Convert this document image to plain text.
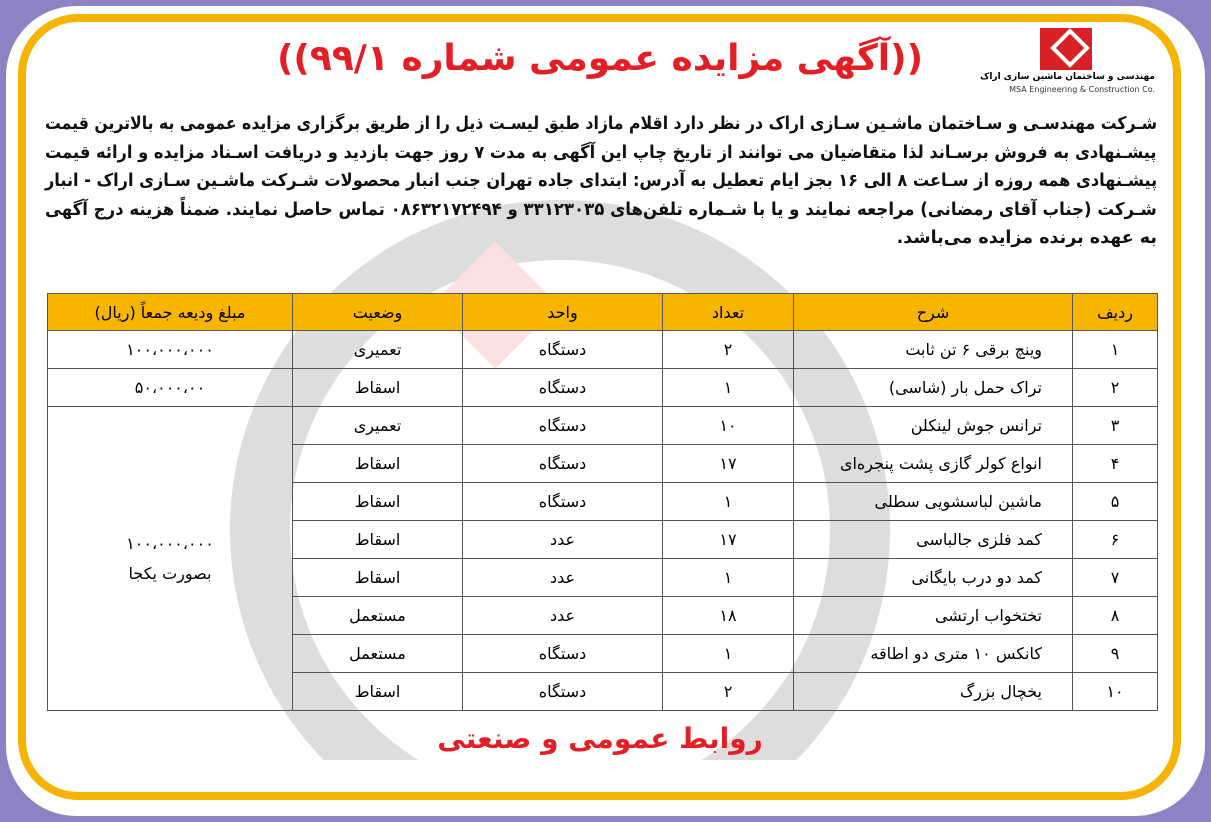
((آگهی مزایده عمومی شماره ۹۹/۱))	مهندسی و ساختمان ماشین سازی اراک
MSA Engineering & Construction Co.
شـرکت مهندسـی و سـاختمان ماشـین سـازی اراک در نظر دارد اقلام مازاد طبق لیسـت ذیل را از طریق برگزاری مزایده عمومی به بالاترین قیمت
پیشـنهادی به فروش برسـاند لذا متقاضیان می توانند از تاریخ چاپ این آگهی به مدت ۷ روز جهت بازدید و دریافت اسـناد مزایده و ارائه قیمت
پیشـنهادی همه روزه از سـاعت ۸ الی ۱۶ بجز ایام تعطیل به آدرس: ابتدای جاده تهران جنب انبار محصولات شـرکت ماشـین سـازی اراک - انبار
شـرکت (جناب آقای رمضانی) مراجعه نمایند و یا با شـماره تلفن‌های ۳۳۱۲۳۰۳۵ و ۰۸۶۳۲۱۷۲۴۹۴ تماس حاصل نمایند. ضمناً هزینه درج آگهی
به عهده برنده مزایده می‌باشد.
ردیف	شرح	تعداد	واحد	وضعیت	مبلغ ودیعه جمعاً (ریال)
۱	وینچ برقی ۶ تن ثابت	۲	دستگاه	تعمیری	۱۰۰،۰۰۰،۰۰۰
۲	تراک حمل بار (شاسی)	۱	دستگاه	اسقاط	۵۰،۰۰۰،۰۰
۳	ترانس جوش لینکلن	۱۰	دستگاه	تعمیری	۱۰۰،۰۰۰،۰۰۰
بصورت یکجا

۴	انواع کولر گازی پشت پنجره‌ای	۱۷	دستگاه	اسقاط	
۵	ماشین لباسشویی سطلی	۱	دستگاه	اسقاط	
۶	کمد فلزی جالباسی	۱۷	عدد	اسقاط	
۷	کمد دو درب بایگانی	۱	عدد	اسقاط	
۸	تختخواب ارتشی	۱۸	عدد	مستعمل	
۹	کانکس ۱۰ متری دو اطاقه	۱	دستگاه	مستعمل	
۱۰	یخچال بزرگ	۲	دستگاه	اسقاط	
روابط عمومی و صنعتی
